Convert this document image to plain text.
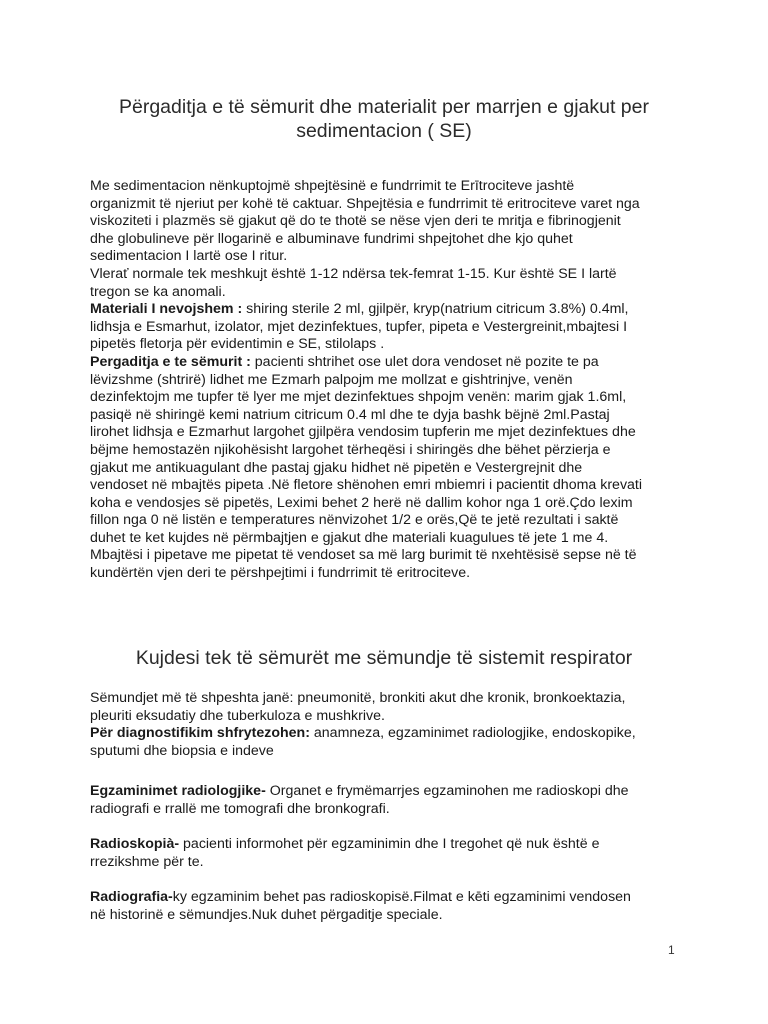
Përgaditja e të sëmurit dhe materialit per marrjen e gjakut per
sedimentacion ( SE)
Me sedimentacion nënkuptojmë shpejtësinë e fundrrimit te Erītrociteve jashtë
organizmit të njeriut per kohë të caktuar. Shpejtësia e fundrrimit të eritrociteve varet nga
viskoziteti i plazmës së gjakut që do te thotë se nëse vjen deri te mritja e fibrinogjenit
dhe globulineve për llogarinë e albuminave fundrimi shpejtohet dhe kjo quhet
sedimentacion I lartë ose I ritur.
Vlerať normale tek meshkujt është 1-12 ndërsa tek-femrat 1-15. Kur është SE I lartë
tregon se ka anomali.
Materiali I nevojshem : shiring sterile 2 ml, gjilpër, kryp(natrium citricum 3.8%) 0.4ml,
lidhsja e Esmarhut, izolator, mjet dezinfektues, tupfer, pipeta e Vestergreinit,mbajtesi I
pipetës fletorja për evidentimin e SE, stilolaps .
Pergaditja e te sëmurit : pacienti shtrihet ose ulet dora vendoset në pozite te pa
lëvizshme (shtrirë) lidhet me Ezmarh palpojm me mollzat e gishtrinjve, venën
dezinfektojm me tupfer të lyer me mjet dezinfektues shpojm venën: marim gjak 1.6ml,
pasiqë në shiringë kemi natrium citricum 0.4 ml dhe te dyja bashk bëjnë 2ml.Pastaj
lirohet lidhsja e Ezmarhut largohet gjilpëra vendosim tupferin me mjet dezinfektues dhe
bëjme hemostazën njikohësisht largohet tërheqësi i shiringës dhe bëhet përzierja e
gjakut me antikuagulant dhe pastaj gjaku hidhet në pipetën e Vestergrejnit dhe
vendoset në mbajtës pipeta .Në fletore shënohen emri mbiemri i pacientit dhoma krevati
koha e vendosjes së pipetës, Leximi behet 2 herë në dallim kohor nga 1 orë.Çdo lexim
fillon nga 0 në listën e temperatures nënvizohet 1/2 e orës,Që te jetë rezultati i saktë
duhet te ket kujdes në përmbajtjen e gjakut dhe materiali kuagulues të jete 1 me 4.
Mbajtësi i pipetave me pipetat të vendoset sa më larg burimit të nxehtësisë sepse në të
kundërtën vjen deri te përshpejtimi i fundrrimit të eritrociteve.
Kujdesi tek të sëmurët me sëmundje të sistemit respirator
Sëmundjet më të shpeshta janë: pneumonitë, bronkiti akut dhe kronik, bronkoektazia,
pleuriti eksudatiy dhe tuberkuloza e mushkrive.
Për diagnostifikim shfrytezohen: anamneza, egzaminimet radiologjike, endoskopike,
sputumi dhe biopsia e indeve
Egzaminimet radiologjike- Organet e frymëmarrjes egzaminohen me radioskopi dhe
radiografi e rrallë me tomografi dhe bronkografi.
Radioskopià- pacienti informohet për egzaminimin dhe I tregohet që nuk është e
rrezikshme për te.
Radiografia-ky egzaminim behet pas radioskopisë.Filmat e kēti egzaminimi vendosen
në historinë e sëmundjes.Nuk duhet përgaditje speciale.
1
